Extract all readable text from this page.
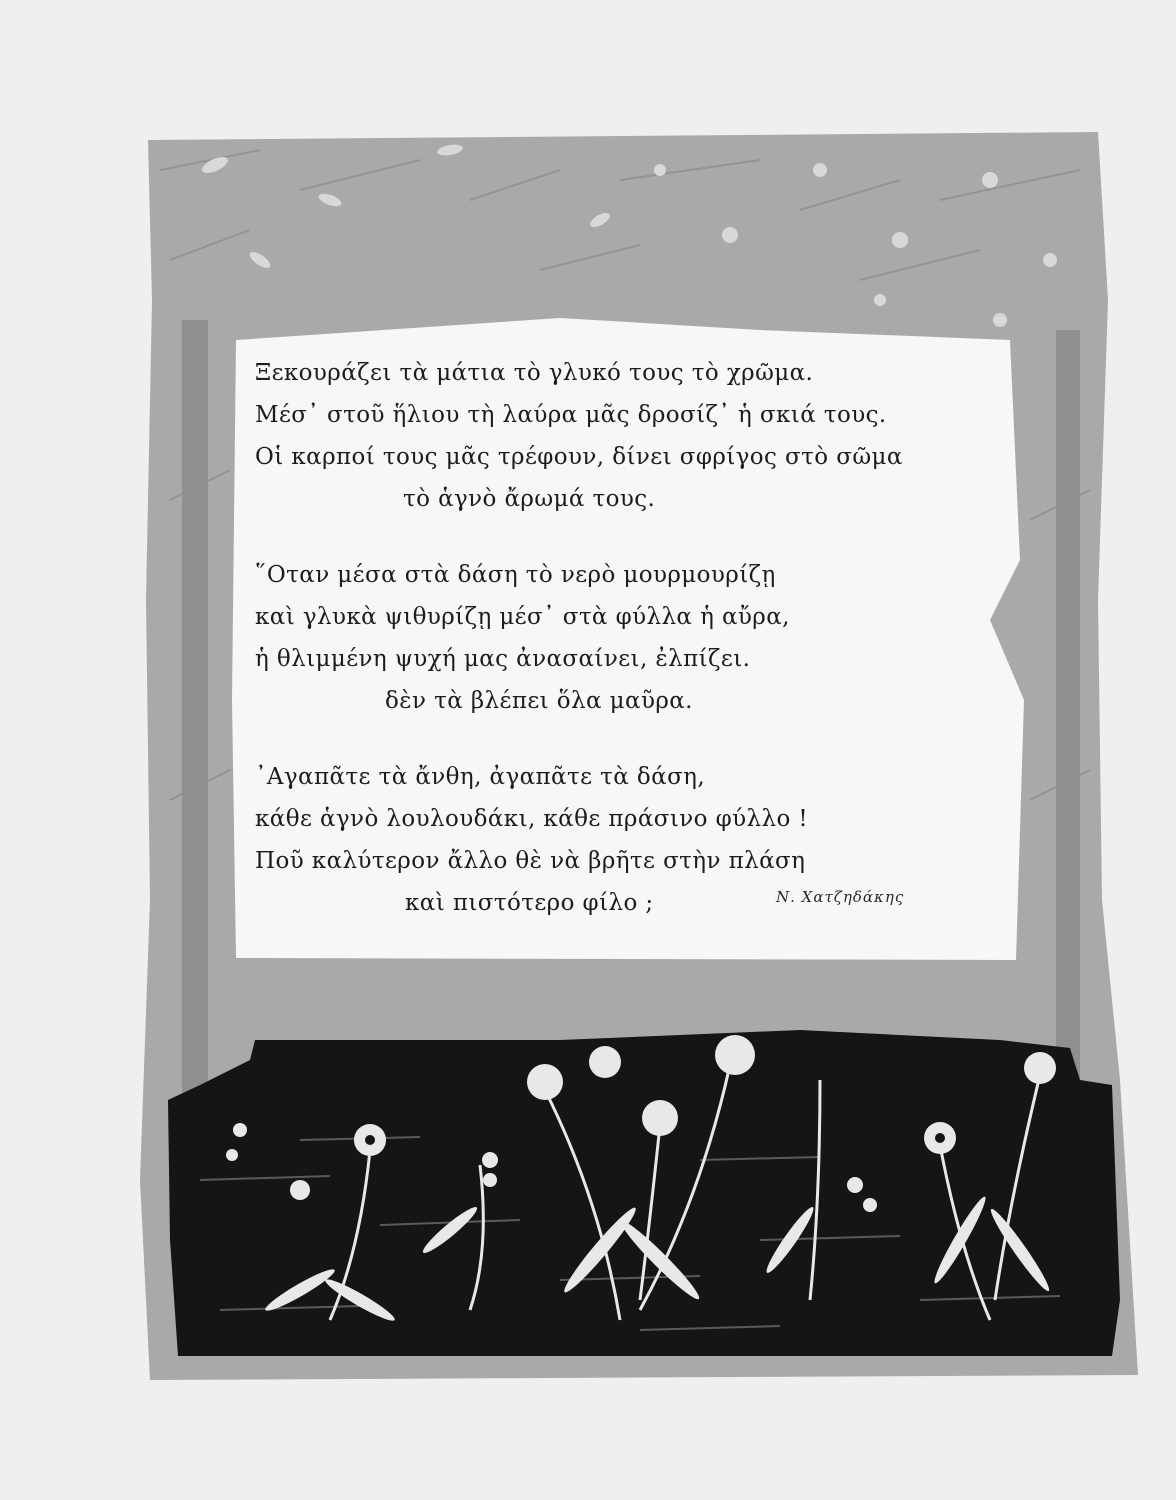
Ξεκουράζει τὰ μάτια τὸ γλυκό τους τὸ χρῶμα.
Μέσ᾽ στοῦ ἥλιου τὴ λαύρα μᾶς δροσίζ᾽ ἡ σκιά τους.
Οἱ καρποί τους μᾶς τρέφουν, δίνει σφρίγος στὸ σῶμα
τὸ ἁγνὸ ἄρωμά τους.
῞Οταν μέσα στὰ δάση τὸ νερὸ μουρμουρίζῃ
καὶ γλυκὰ ψιθυρίζῃ μέσ᾽ στὰ φύλλα ἡ αὔρα,
ἡ θλιμμένη ψυχή μας ἀνασαίνει, ἐλπίζει.
δὲν τὰ βλέπει ὅλα μαῦρα.
᾿Αγαπᾶτε τὰ ἄνθη, ἀγαπᾶτε τὰ δάση,
κάθε ἁγνὸ λουλουδάκι, κάθε πράσινο φύλλο !
Ποῦ καλύτερον ἄλλο θὲ νὰ βρῆτε στὴν πλάση
καὶ πιστότερο φίλο ;	Ν. Χατζηδάκης
